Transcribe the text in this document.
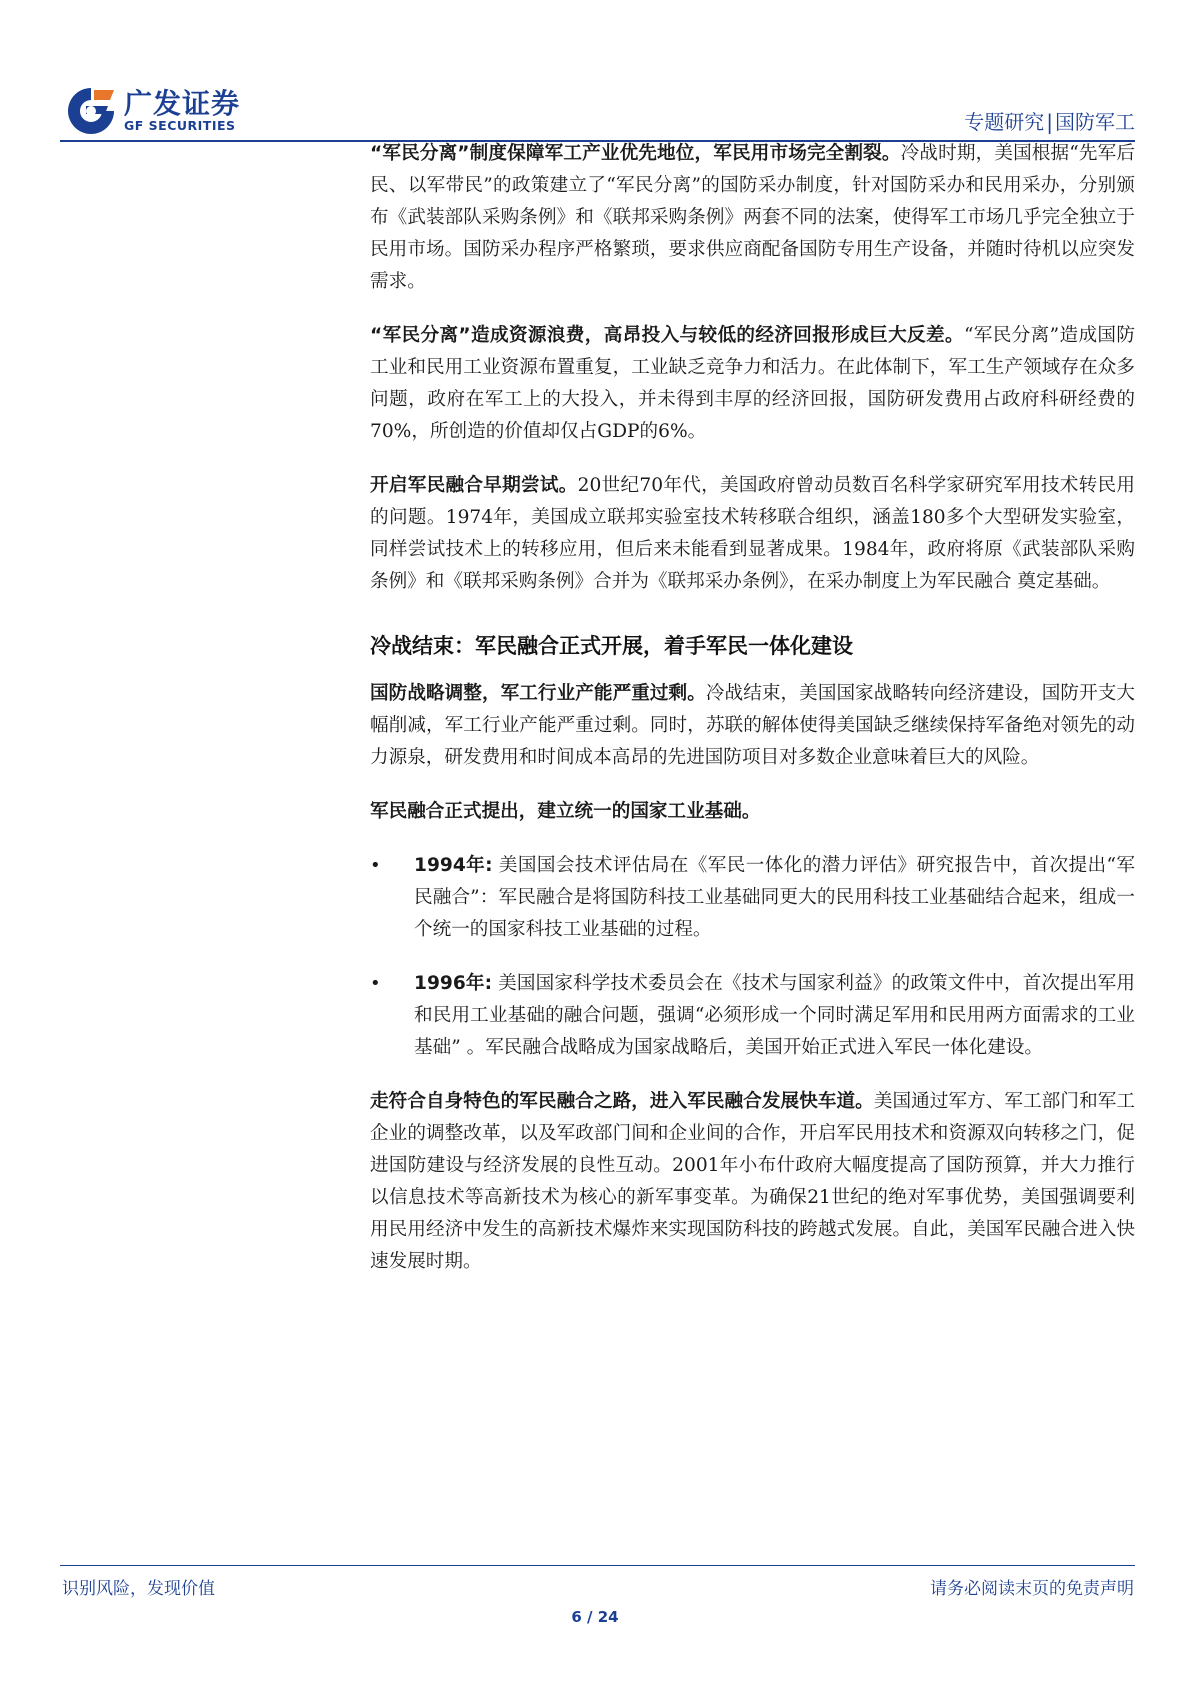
广发证券
GF SECURITIES	专题研究 | 国防军工

“军民分离”制度保障军工产业优先地位，军民用市场完全割裂。冷战时期，美国根据“先军后民、以军带民”的政策建立了“军民分离”的国防采办制度，针对国防采办和民用采办，分别颁布《武装部队采购条例》和《联邦采购条例》两套不同的法案，使得军工市场几乎完全独立于民用市场。国防采办程序严格繁琐，要求供应商配备国防专用生产设备，并随时待机以应突发需求。

“军民分离”造成资源浪费，高昂投入与较低的经济回报形成巨大反差。“军民分离”造成国防工业和民用工业资源布置重复，工业缺乏竞争力和活力。在此体制下，军工生产领域存在众多问题，政府在军工上的大投入，并未得到丰厚的经济回报，国防研发费用占政府科研经费的70%，所创造的价值却仅占GDP的6%。

开启军民融合早期尝试。20世纪70年代，美国政府曾动员数百名科学家研究军用技术转民用的问题。1974年，美国成立联邦实验室技术转移联合组织，涵盖180多个大型研发实验室，同样尝试技术上的转移应用，但后来未能看到显著成果。1984年，政府将原《武装部队采购条例》和《联邦采购条例》合并为《联邦采办条例》，在采办制度上为军民融合 奠定基础。

冷战结束：军民融合正式开展，着手军民一体化建设

国防战略调整，军工行业产能严重过剩。冷战结束，美国国家战略转向经济建设，国防开支大幅削减，军工行业产能严重过剩。同时，苏联的解体使得美国缺乏继续保持军备绝对领先的动力源泉，研发费用和时间成本高昂的先进国防项目对多数企业意味着巨大的风险。

军民融合正式提出，建立统一的国家工业基础。
• 1994年: 美国国会技术评估局在《军民一体化的潜力评估》研究报告中，首次提出“军民融合”：军民融合是将国防科技工业基础同更大的民用科技工业基础结合起来，组成一个统一的国家科技工业基础的过程。
• 1996年: 美国国家科学技术委员会在《技术与国家利益》的政策文件中，首次提出军用和民用工业基础的融合问题，强调“必须形成一个同时满足军用和民用两方面需求的工业基础” 。军民融合战略成为国家战略后，美国开始正式进入军民一体化建设。

走符合自身特色的军民融合之路，进入军民融合发展快车道。美国通过军方、军工部门和军工企业的调整改革，以及军政部门间和企业间的合作，开启军民用技术和资源双向转移之门，促进国防建设与经济发展的良性互动。2001年小布什政府大幅度提高了国防预算，并大力推行以信息技术等高新技术为核心的新军事变革。为确保21世纪的绝对军事优势，美国强调要利用民用经济中发生的高新技术爆炸来实现国防科技的跨越式发展。自此，美国军民融合进入快速发展时期。

识别风险，发现价值	请务必阅读末页的免责声明
6 / 24
